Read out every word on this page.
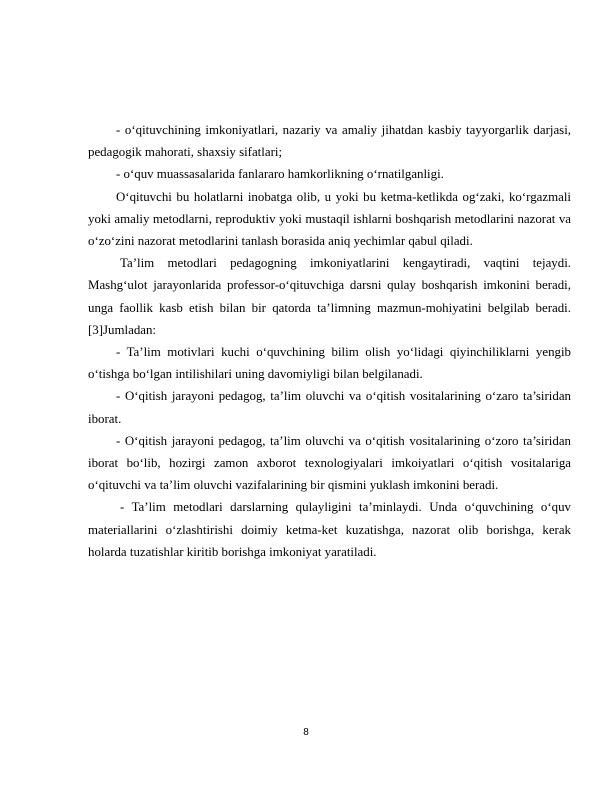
- o‘qituvchining imkoniyatlari, nazariy va amaliy jihatdan kasbiy tayyorgarlik darjasi, pedagogik mahorati, shaxsiy sifatlari;

- o‘quv muassasalarida fanlararo hamkorlikning o‘rnatilganligi.

O‘qituvchi bu holatlarni inobatga olib, u yoki bu ketma-ketlikda og‘zaki, ko‘rgazmali yoki amaliy metodlarni, reproduktiv yoki mustaqil ishlarni boshqarish metodlarini nazorat va o‘zo‘zini nazorat metodlarini tanlash borasida aniq yechimlar qabul qiladi.

Ta’lim metodlari pedagogning imkoniyatlarini kengaytiradi, vaqtini tejaydi. Mashg‘ulot jarayonlarida professor-o‘qituvchiga darsni qulay boshqarish imkonini beradi, unga faollik kasb etish bilan bir qatorda ta’limning mazmun-mohiyatini belgilab beradi. [3]Jumladan:

- Ta’lim motivlari kuchi o‘quvchining bilim olish yo‘lidagi qiyinchiliklarni yengib o‘tishga bo‘lgan intilishilari uning davomiyligi bilan belgilanadi.

- O‘qitish jarayoni pedagog, ta’lim oluvchi va o‘qitish vositalarining o‘zaro ta’siridan iborat.

- O‘qitish jarayoni pedagog, ta’lim oluvchi va o‘qitish vositalarining o‘zoro ta’siridan iborat bo‘lib, hozirgi zamon axborot texnologiyalari imkoiyatlari o‘qitish vositalariga o‘qituvchi va ta’lim oluvchi vazifalarining bir qismini yuklash imkonini beradi.

- Ta’lim metodlari darslarning qulayligini ta’minlaydi. Unda o‘quvchining o‘quv materiallarini o‘zlashtirishi doimiy ketma-ket kuzatishga, nazorat olib borishga, kerak holarda tuzatishlar kiritib borishga imkoniyat yaratiladi.

8
